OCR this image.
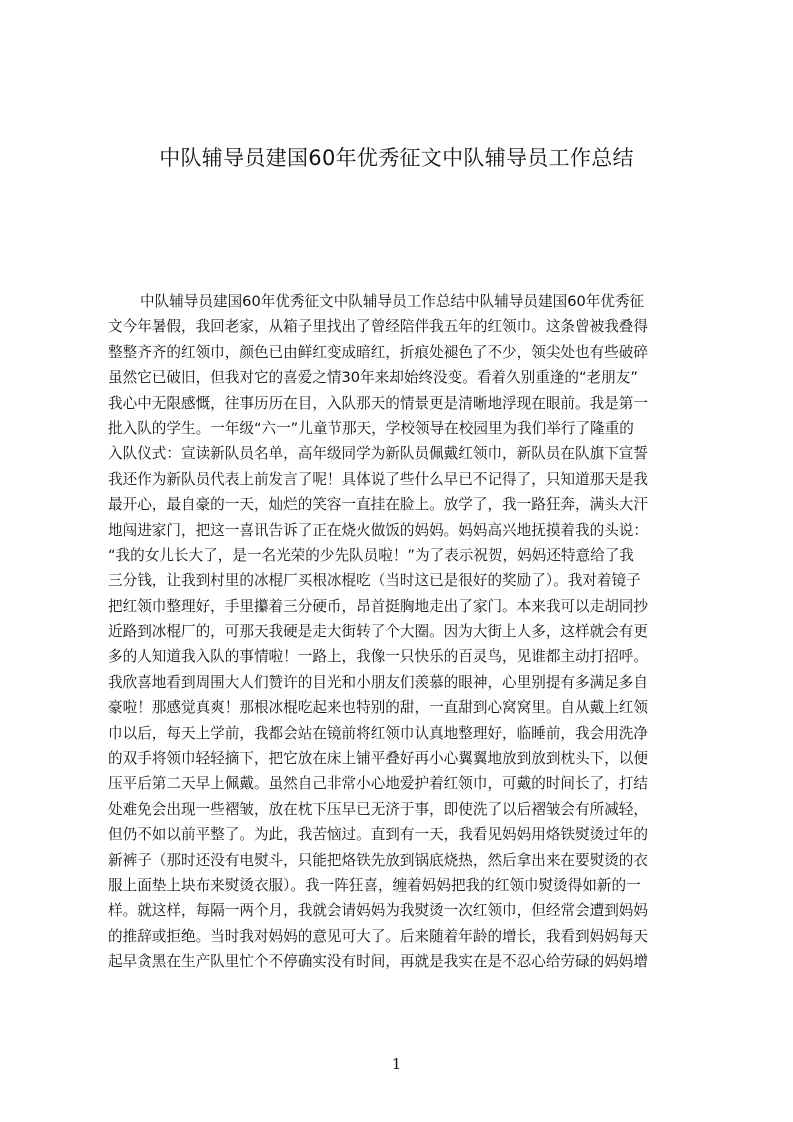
中队辅导员建国60年优秀征文中队辅导员工作总结
中队辅导员建国60年优秀征文中队辅导员工作总结中队辅导员建国60年优秀征
文今年暑假，我回老家，从箱子里找出了曾经陪伴我五年的红领巾。这条曾被我叠得
整整齐齐的红领巾，颜色已由鲜红变成暗红，折痕处褪色了不少，领尖处也有些破碎
虽然它已破旧，但我对它的喜爱之情30年来却始终没变。看着久别重逢的“老朋友”
我心中无限感慨，往事历历在目，入队那天的情景更是清晰地浮现在眼前。我是第一
批入队的学生。一年级“六一”儿童节那天，学校领导在校园里为我们举行了隆重的
入队仪式：宣读新队员名单，高年级同学为新队员佩戴红领巾，新队员在队旗下宣誓
我还作为新队员代表上前发言了呢！具体说了些什么早已不记得了，只知道那天是我
最开心，最自豪的一天，灿烂的笑容一直挂在脸上。放学了，我一路狂奔，满头大汗
地闯进家门，把这一喜讯告诉了正在烧火做饭的妈妈。妈妈高兴地抚摸着我的头说：
“我的女儿长大了，是一名光荣的少先队员啦！”为了表示祝贺，妈妈还特意给了我
三分钱，让我到村里的冰棍厂买根冰棍吃（当时这已是很好的奖励了）。我对着镜子
把红领巾整理好，手里攥着三分硬币，昂首挺胸地走出了家门。本来我可以走胡同抄
近路到冰棍厂的，可那天我硬是走大街转了个大圈。因为大街上人多，这样就会有更
多的人知道我入队的事情啦！一路上，我像一只快乐的百灵鸟，见谁都主动打招呼。
我欣喜地看到周围大人们赞许的目光和小朋友们羡慕的眼神，心里别提有多满足多自
豪啦！那感觉真爽！那根冰棍吃起来也特别的甜，一直甜到心窝窝里。自从戴上红领
巾以后，每天上学前，我都会站在镜前将红领巾认真地整理好，临睡前，我会用洗净
的双手将领巾轻轻摘下，把它放在床上铺平叠好再小心翼翼地放到放到枕头下，以便
压平后第二天早上佩戴。虽然自己非常小心地爱护着红领巾，可戴的时间长了，打结
处难免会出现一些褶皱，放在枕下压早已无济于事，即使洗了以后褶皱会有所减轻，
但仍不如以前平整了。为此，我苦恼过。直到有一天，我看见妈妈用烙铁熨烫过年的
新裤子（那时还没有电熨斗，只能把烙铁先放到锅底烧热，然后拿出来在要熨烫的衣
服上面垫上块布来熨烫衣服）。我一阵狂喜，缠着妈妈把我的红领巾熨烫得如新的一
样。就这样，每隔一两个月，我就会请妈妈为我熨烫一次红领巾，但经常会遭到妈妈
的推辞或拒绝。当时我对妈妈的意见可大了。后来随着年龄的增长，我看到妈妈每天
起早贪黑在生产队里忙个不停确实没有时间，再就是我实在是不忍心给劳碌的妈妈增
1
